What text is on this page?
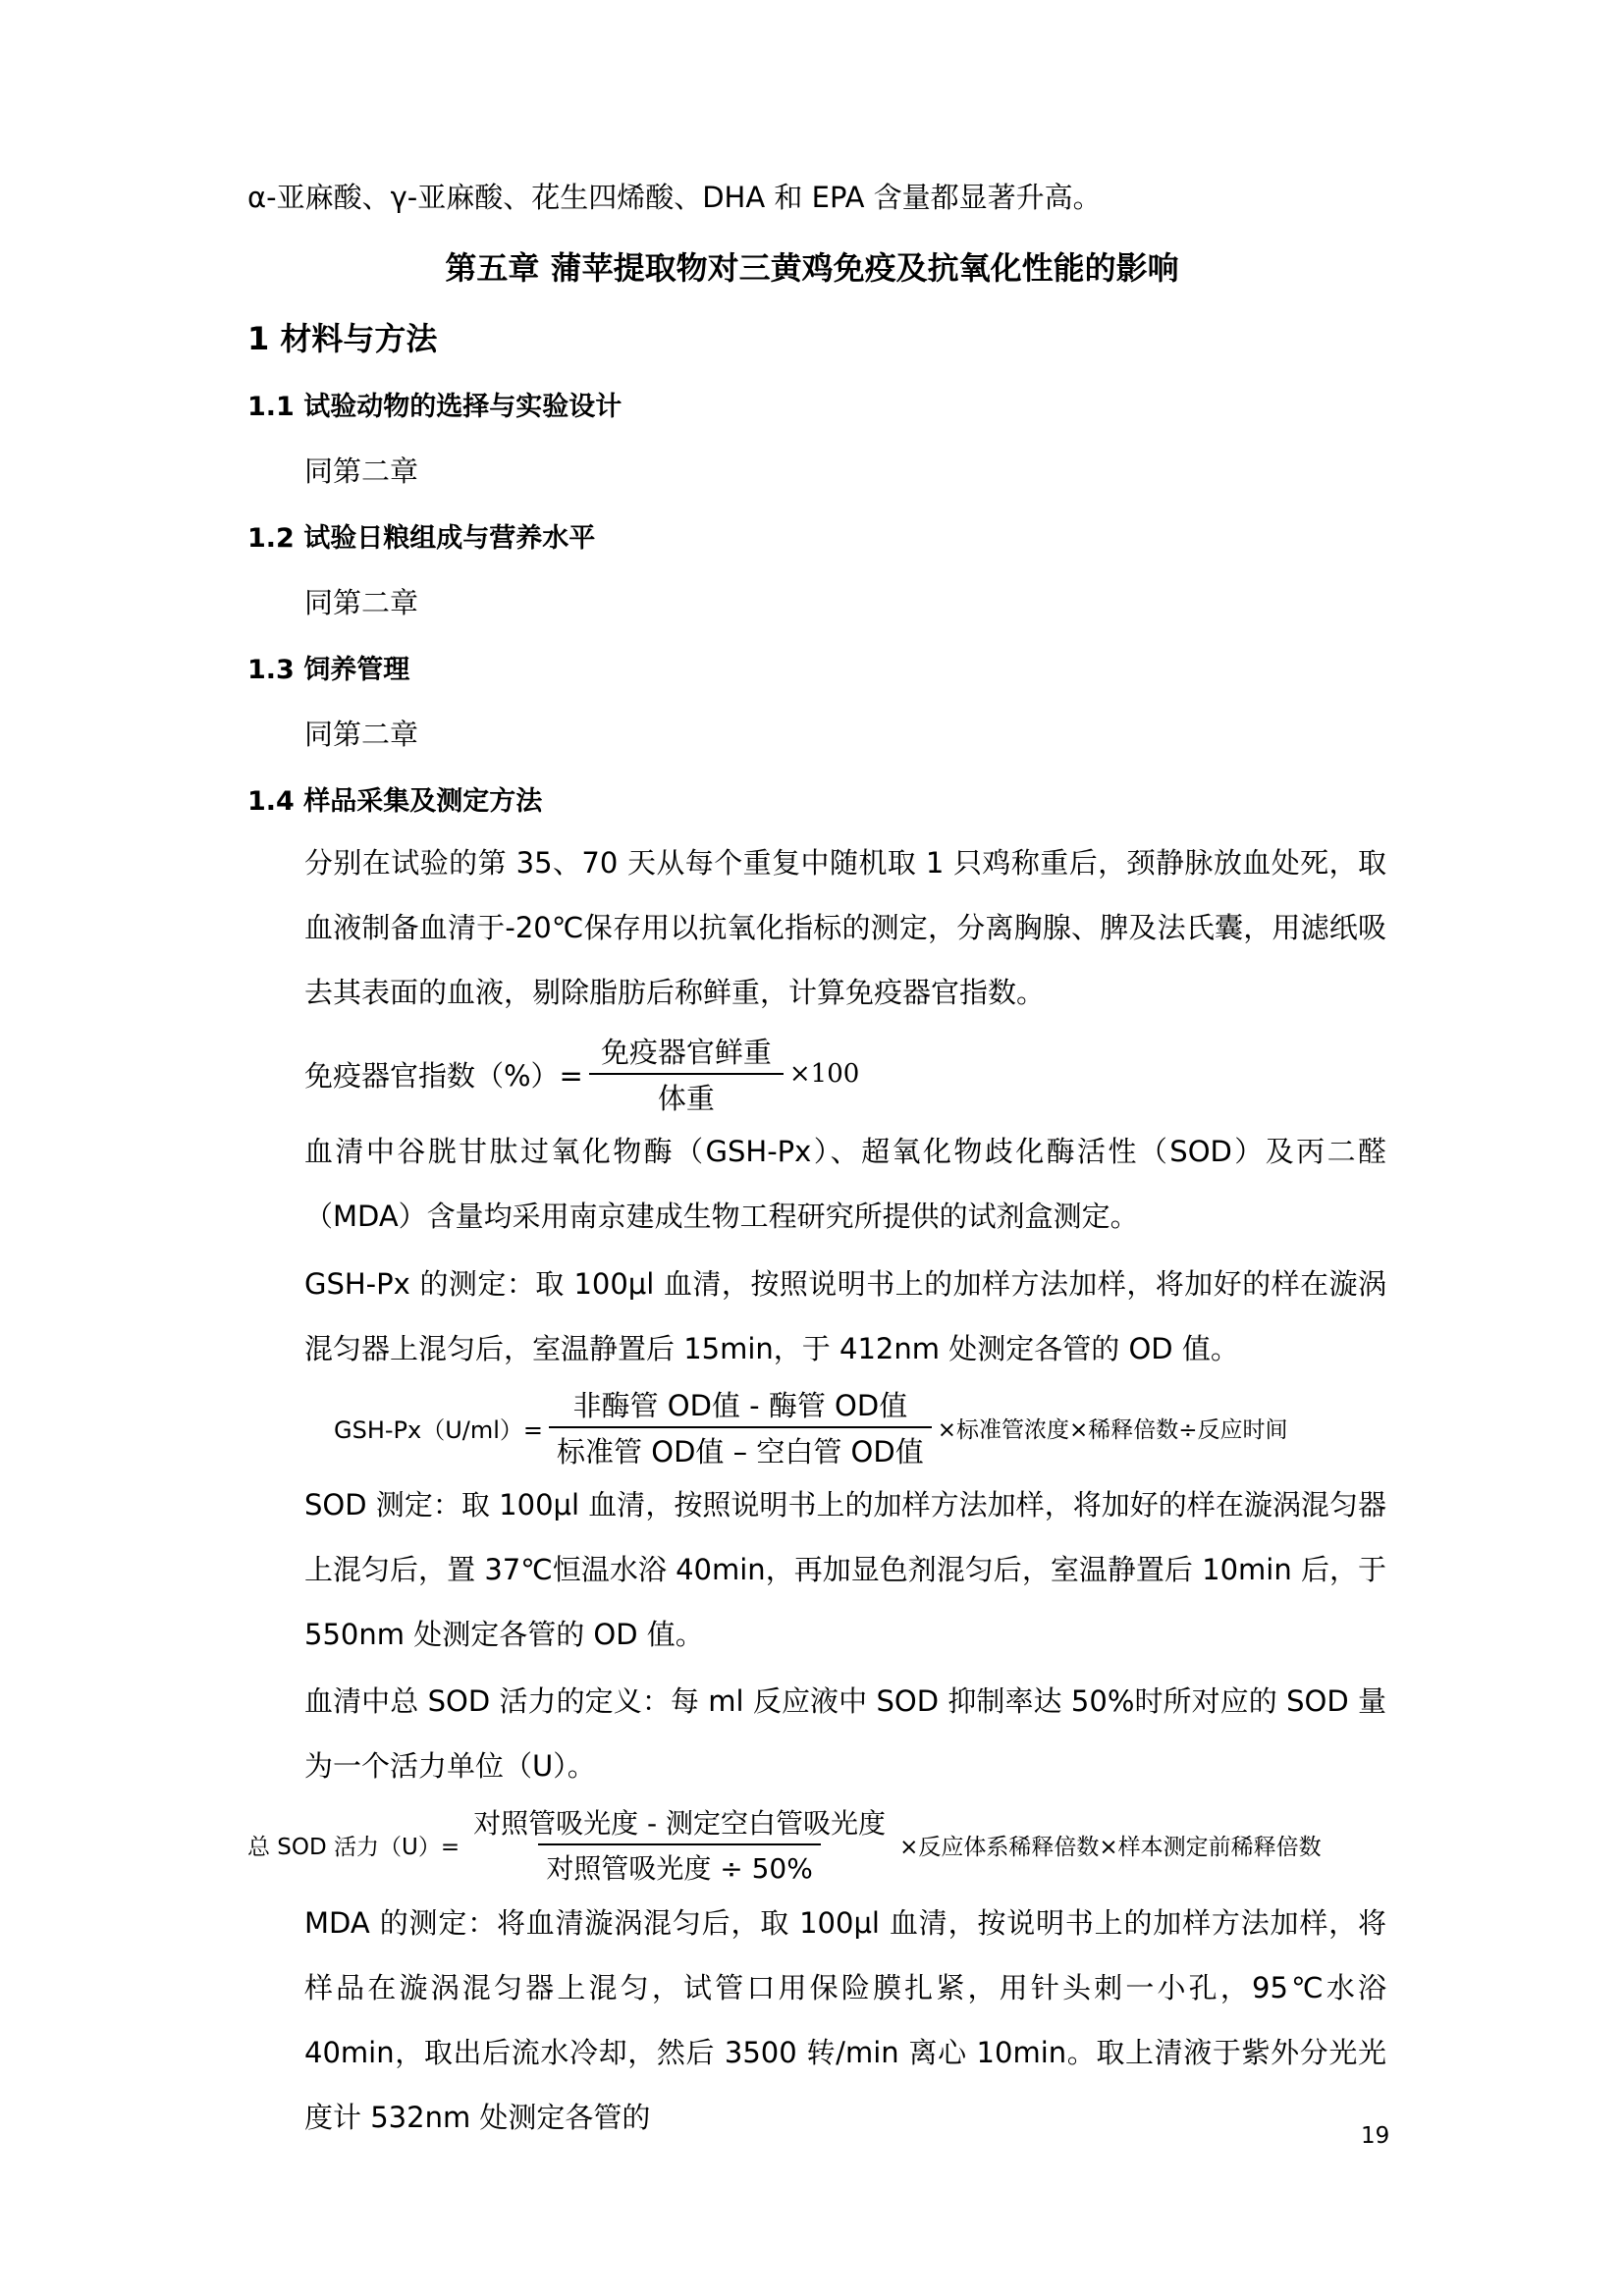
α-亚麻酸、γ-亚麻酸、花生四烯酸、DHA 和 EPA 含量都显著升高。
第五章 蒲苹提取物对三黄鸡免疫及抗氧化性能的影响
1 材料与方法
1.1 试验动物的选择与实验设计
同第二章
1.2 试验日粮组成与营养水平
同第二章
1.3 饲养管理
同第二章
1.4 样品采集及测定方法
分别在试验的第 35、70 天从每个重复中随机取 1 只鸡称重后，颈静脉放血处死，取血液制备血清于-20℃保存用以抗氧化指标的测定，分离胸腺、脾及法氏囊，用滤纸吸去其表面的血液，剔除脂肪后称鲜重，计算免疫器官指数。
免疫器官指数（%）= $\frac{\text{免疫器官鲜重}}{\text{体重}} \times 100$
血清中谷胱甘肽过氧化物酶（GSH-Px）、超氧化物歧化酶活性（SOD）及丙二醛（MDA）含量均采用南京建成生物工程研究所提供的试剂盒测定。
GSH-Px 的测定：取 100μl 血清，按照说明书上的加样方法加样，将加好的样在漩涡混匀器上混匀后，室温静置后 15min，于 412nm 处测定各管的 OD 值。
$GSH-Px(U/ml)= \frac{\text{非酶管 OD值 - 酶管 OD值}}{\text{标准管 OD值 – 空白管 OD值}}$ ×标准管浓度×稀释倍数÷反应时间
SOD 测定：取 100μl 血清，按照说明书上的加样方法加样，将加好的样在漩涡混匀器上混匀后，置 37℃恒温水浴 40min，再加显色剂混匀后，室温静置后 10min 后，于 550nm 处测定各管的 OD 值。
血清中总 SOD 活力的定义：每 ml 反应液中 SOD 抑制率达 50%时所对应的 SOD 量为一个活力单位（U）。
总 SOD 活力$(U)= \frac{\text{对照管吸光度 - 测定空白管吸光度}}{\text{对照管吸光度 ÷ 50\%}}$ ×反应体系稀释倍数×样本测定前稀释倍数
MDA 的测定：将血清漩涡混匀后，取 100μl 血清，按说明书上的加样方法加样，将样品在漩涡混匀器上混匀，试管口用保险膜扎紧，用针头刺一小孔，95℃水浴 40min，取出后流水冷却，然后 3500 转/min 离心 10min。取上清液于紫外分光光度计 532nm 处测定各管的
19
